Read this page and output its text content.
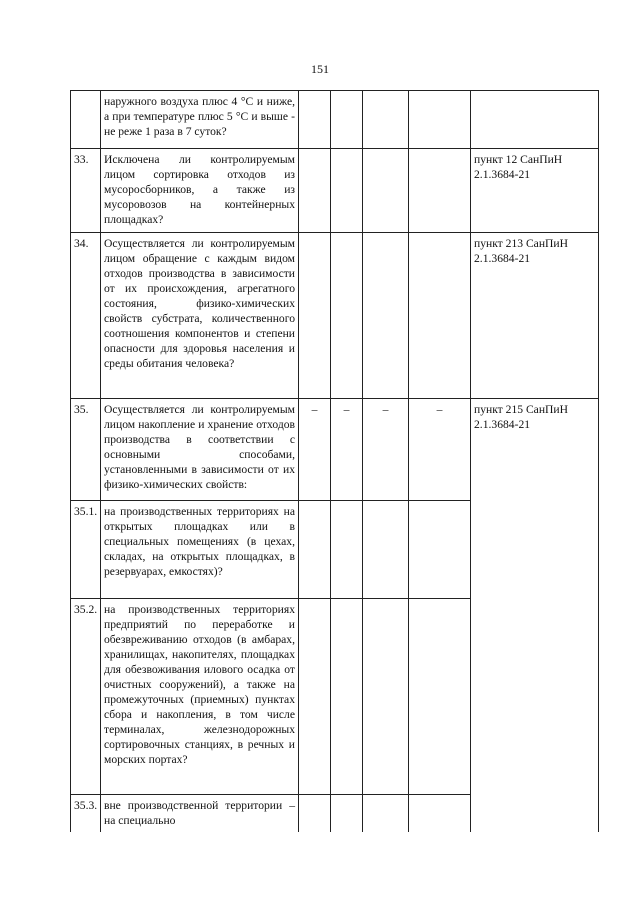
151
	наружного воздуха плюс 4 °С и ниже, а при температуре плюс 5 °С и выше - не реже 1 раза в 7 суток?					
33.	Исключена ли контролируемым лицом сортировка отходов из мусоросборников, а также из мусоровозов на контейнерных площадках?					пункт 12 СанПиН 2.1.3684-21
34.	Осуществляется ли контролируемым лицом обращение с каждым видом отходов производства в зависимости от их происхождения, агрегатного состояния, физико-химических свойств субстрата, количественного соотношения компонентов и степени опасности для здоровья населения и среды обитания человека?					пункт 213 СанПиН 2.1.3684-21
35.	Осуществляется ли контролируемым лицом накопление и хранение отходов производства в соответствии с основными способами, установленными в зависимости от их физико-химических свойств:	–	–	–	–	пункт 215 СанПиН 2.1.3684-21
35.1.	на производственных территориях на открытых площадках или в специальных помещениях (в цехах, складах, на открытых площадках, в резервуарах, емкостях)?					
35.2.	на производственных территориях предприятий по переработке и обезвреживанию отходов (в амбарах, хранилищах, накопителях, площадках для обезвоживания илового осадка от очистных сооружений), а также на промежуточных (приемных) пунктах сбора и накопления, в том числе терминалах, железнодорожных сортировочных станциях, в речных и морских портах?					
35.3.	вне производственной территории – на специально					
